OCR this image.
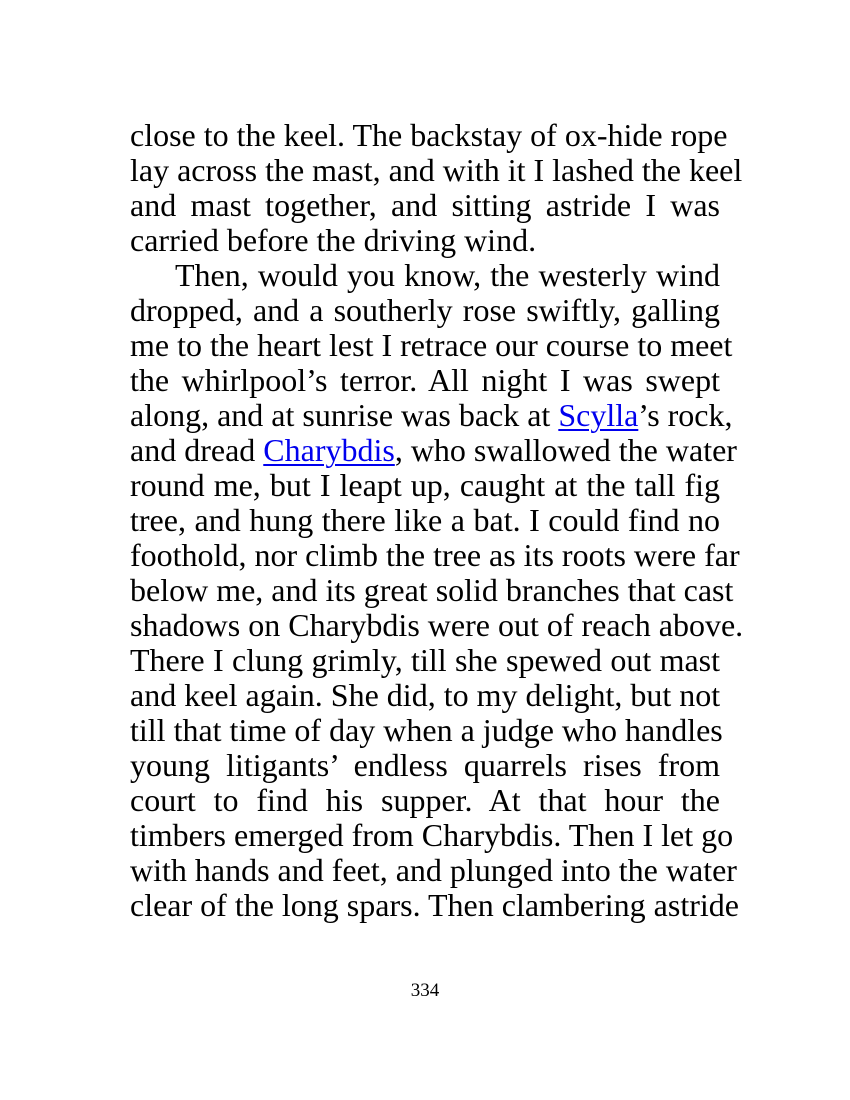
close to the keel. The backstay of ox-hide rope
lay across the mast, and with it I lashed the keel
and mast together, and sitting astride I was
carried before the driving wind.
Then, would you know, the westerly wind
dropped, and a southerly rose swiftly, galling
me to the heart lest I retrace our course to meet
the whirlpool’s terror. All night I was swept
along, and at sunrise was back at Scylla’s rock,
and dread Charybdis, who swallowed the water
round me, but I leapt up, caught at the tall fig
tree, and hung there like a bat. I could find no
foothold, nor climb the tree as its roots were far
below me, and its great solid branches that cast
shadows on Charybdis were out of reach above.
There I clung grimly, till she spewed out mast
and keel again. She did, to my delight, but not
till that time of day when a judge who handles
young litigants’ endless quarrels rises from
court to find his supper. At that hour the
timbers emerged from Charybdis. Then I let go
with hands and feet, and plunged into the water
clear of the long spars. Then clambering astride
334
